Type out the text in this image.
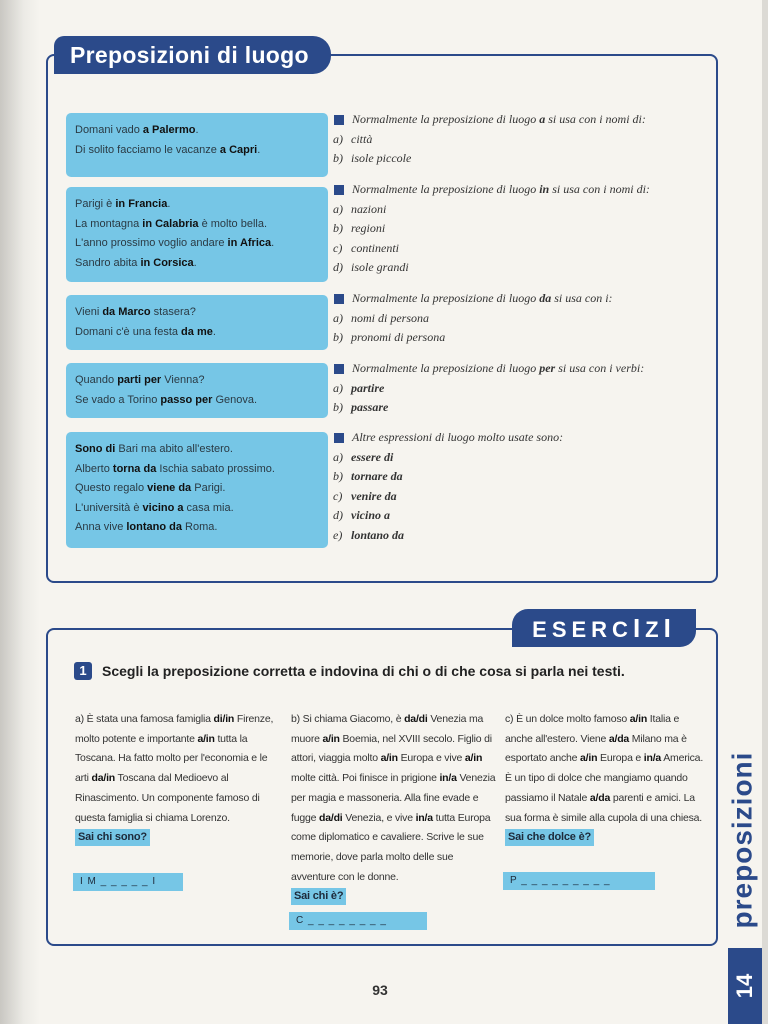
Preposizioni di luogo
Domani vado a Palermo.
Di solito facciamo le vacanze a Capri.
Parigi è in Francia.
La montagna in Calabria è molto bella.
L'anno prossimo voglio andare in Africa.
Sandro abita in Corsica.
Vieni da Marco stasera?
Domani c'è una festa da me.
Quando parti per Vienna?
Se vado a Torino passo per Genova.
Sono di Bari ma abito all'estero.
Alberto torna da Ischia sabato prossimo.
Questo regalo viene da Parigi.
L'università è vicino a casa mia.
Anna vive lontano da Roma.
Normalmente la preposizione di luogo a si usa con i nomi di:
a) città
b) isole piccole
Normalmente la preposizione di luogo in si usa con i nomi di:
a) nazioni
b) regioni
c) continenti
d) isole grandi
Normalmente la preposizione di luogo da si usa con i:
a) nomi di persona
b) pronomi di persona
Normalmente la preposizione di luogo per si usa con i verbi:
a) partire
b) passare
Altre espressioni di luogo molto usate sono:
a) essere di
b) tornare da
c) venire da
d) vicino a
e) lontano da
ESERCIZI
1	Scegli la preposizione corretta e indovina di chi o di che cosa si parla nei testi.
a) È stata una famosa famiglia di/in Firenze, molto potente e importante a/in tutta la Toscana. Ha fatto molto per l'economia e le arti da/in Toscana dal Medioevo al Rinascimento. Un componente famoso di questa famiglia si chiama Lorenzo.
Sai chi sono?
b) Si chiama Giacomo, è da/di Venezia ma muore a/in Boemia, nel XVIII secolo. Figlio di attori, viaggia molto a/in Europa e vive a/in molte città. Poi finisce in prigione in/a Venezia per magia e massoneria. Alla fine evade e fugge da/di Venezia, e vive in/a tutta Europa come diplomatico e cavaliere. Scrive le sue memorie, dove parla molto delle sue avventure con le donne.
Sai chi è?
c) È un dolce molto famoso a/in Italia e anche all'estero. Viene a/da Milano ma è esportato anche a/in Europa e in/a America. È un tipo di dolce che mangiamo quando passiamo il Natale a/da parenti e amici. La sua forma è simile alla cupola di una chiesa.
Sai che dolce è?
I M _ _ _ _ _ I
C _ _ _ _ _ _ _ _
P _ _ _ _ _ _ _ _ _	preposizioni
14
93
